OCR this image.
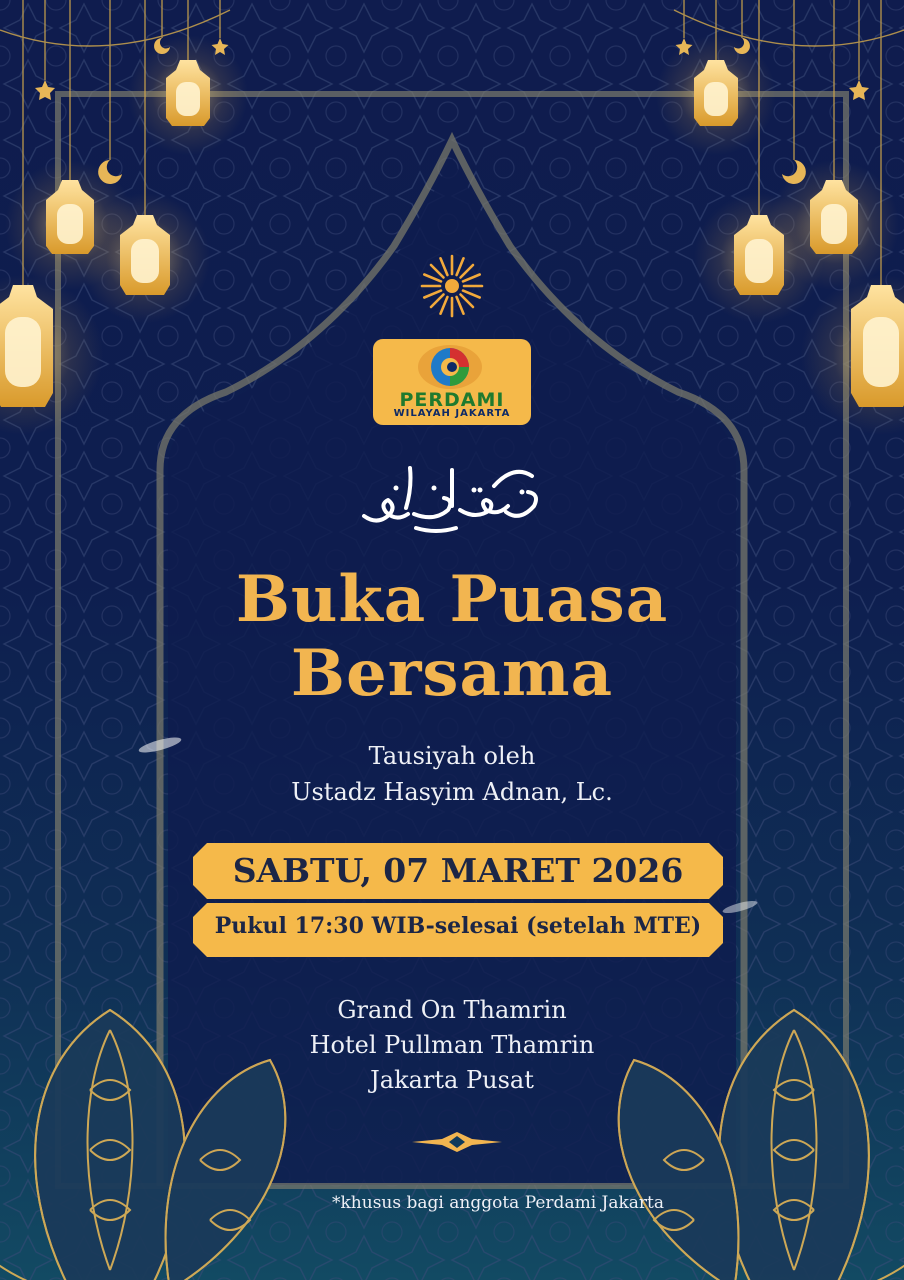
PERDAMI
WILAYAH JAKARTA
Buka Puasa
Bersama
Tausiyah oleh
Ustadz Hasyim Adnan, Lc.
SABTU, 07 MARET 2026
Pukul 17:30 WIB-selesai (setelah MTE)
Grand On Thamrin
Hotel Pullman Thamrin
Jakarta Pusat
*khusus bagi anggota Perdami Jakarta
